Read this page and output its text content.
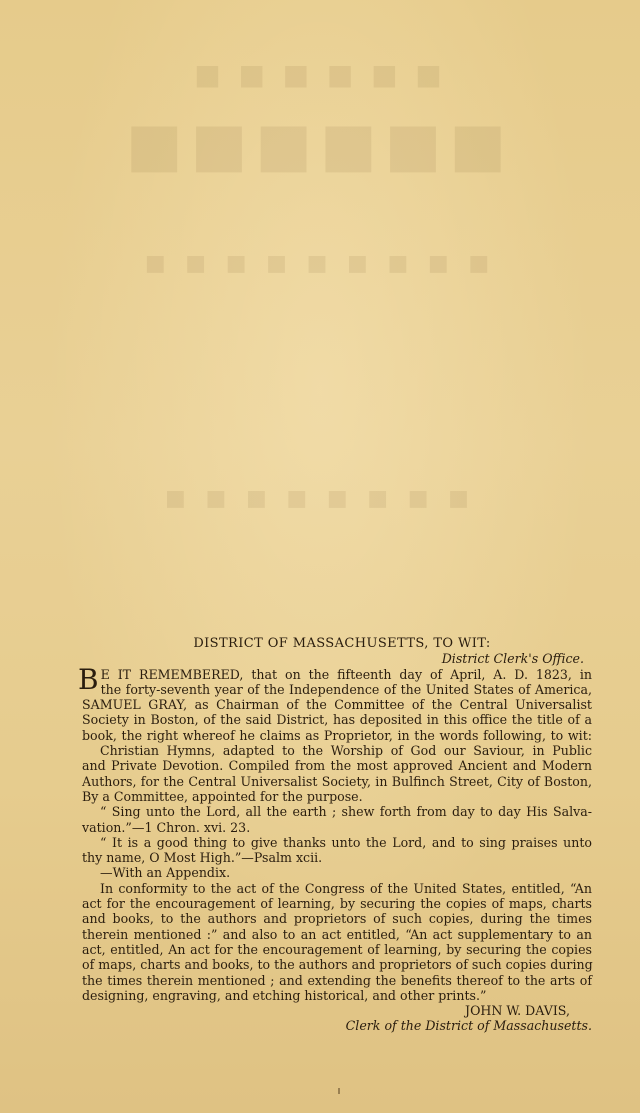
■ ■ ■ ■ ■ ■
■■■■■■
■ ■ ■ ■ ■ ■ ■ ■ ■
■ ■ ■ ■ ■ ■ ■ ■
DISTRICT OF MASSACHUSETTS, TO WIT:
District Clerk's Office.
B E IT REMEMBERED, that on the fifteenth day of April, A. D. 1823, in
the forty-seventh year of the Independence of the United States of America,
SAMUEL GRAY, as Chairman of the Committee of the Central Universalist
Society in Boston, of the said District, has deposited in this office the title of a
book, the right whereof he claims as Proprietor, in the words following, to wit:
Christian Hymns, adapted to the Worship of God our Saviour, in Public
and Private Devotion. Compiled from the most approved Ancient and Modern
Authors, for the Central Universalist Society, in Bulfinch Street, City of Boston,
By a Committee, appointed for the purpose.
“ Sing unto the Lord, all the earth ; shew forth from day to day His Salva-
vation.”—1 Chron. xvi. 23.
“ It is a good thing to give thanks unto the Lord, and to sing praises unto
thy name, O Most High.”—Psalm xcii.
—With an Appendix.
In conformity to the act of the Congress of the United States, entitled, “An
act for the encouragement of learning, by securing the copies of maps, charts
and books, to the authors and proprietors of such copies, during the times
therein mentioned :” and also to an act entitled, “An act supplementary to an
act, entitled, An act for the encouragement of learning, by securing the copies
of maps, charts and books, to the authors and proprietors of such copies during
the times therein mentioned ; and extending the benefits thereof to the arts of
designing, engraving, and etching historical, and other prints.”
JOHN W. DAVIS,
Clerk of the District of Massachusetts.
